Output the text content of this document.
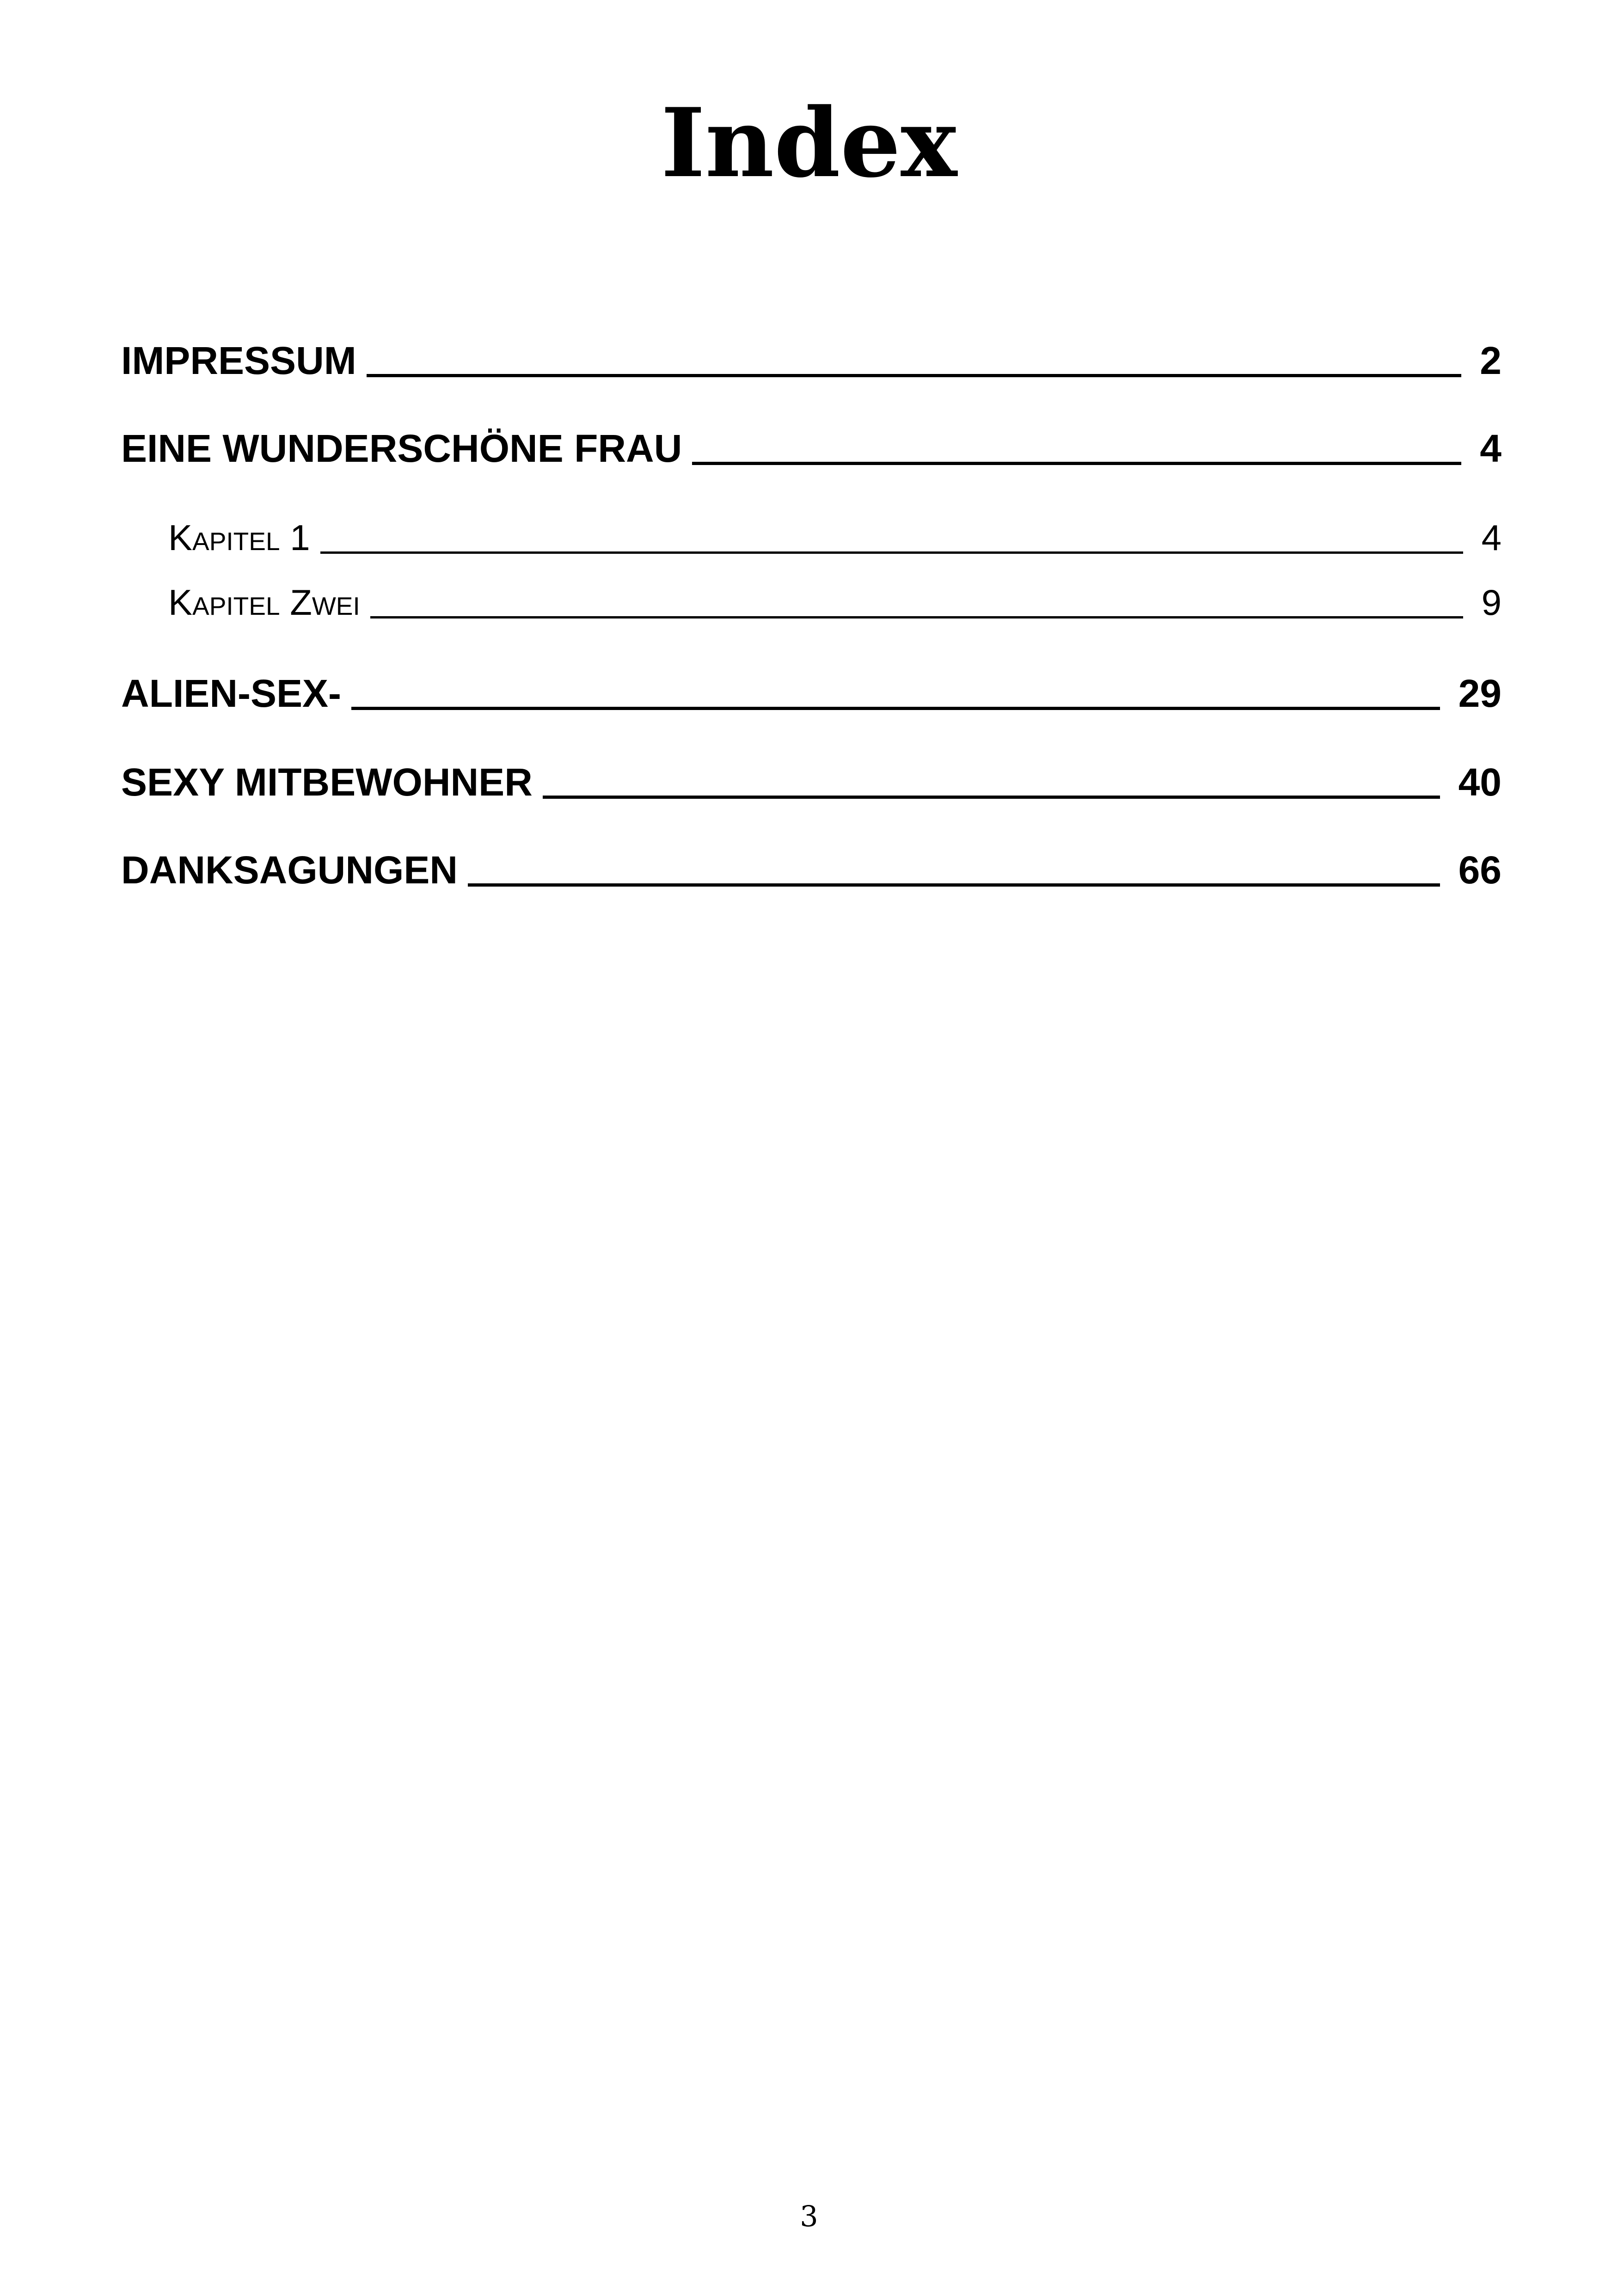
Index
IMPRESSUM	2
EINE WUNDERSCHÖNE FRAU	4
Kapitel 1	4
Kapitel Zwei	9
ALIEN-SEX-	29
SEXY MITBEWOHNER	40
DANKSAGUNGEN	66
3
